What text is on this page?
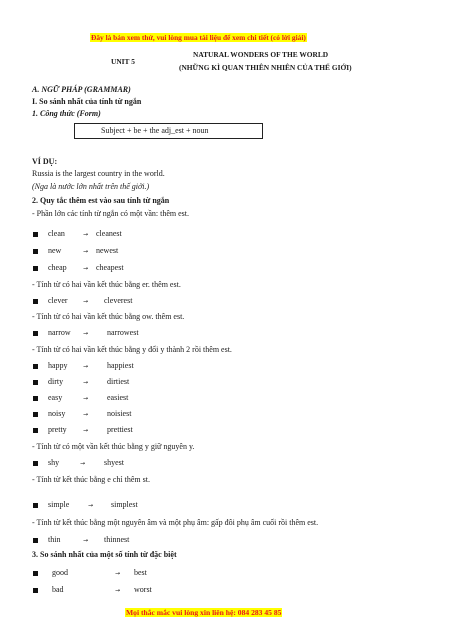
Đây là bản xem thử, vui lòng mua tài liệu để xem chi tiết (có lời giải)
UNIT 5
NATURAL WONDERS OF THE WORLD
(NHỮNG KÌ QUAN THIÊN NHIÊN CỦA THẾ GIỚI)
A. NGỮ PHÁP (GRAMMAR)
I. So sánh nhất của tính từ ngắn
1. Công thức (Form)
Subject + be + the adj_est + noun
VÍ DỤ:
Russia is the largest country in the world.
(Nga là nước lớn nhất trên thế giới.)
2. Quy tắc thêm est vào sau tính từ ngắn
- Phần lớn các tính từ ngắn có một vần: thêm est.
clean	→ cleanest
new	→ newest
cheap	→ cheapest
- Tính từ có hai vần kết thúc bằng er. thêm est.
clever	→ cleverest
- Tính từ có hai vần kết thúc bằng ow. thêm est.
narrow → narrowest
- Tính từ có hai vần kết thúc bằng y đổi y thành 2 rồi thêm est.
happy	→ happiest
dirty	→ dirtiest
easy	→ easiest
noisy	→ noisiest
pretty	→ prettiest
- Tính từ có một vần kết thúc bằng y giữ nguyên y.
shy	→ shyest
- Tính từ kết thúc bằng e chỉ thêm st.
simple	→ simplest
- Tính từ kết thúc bằng một nguyên âm và một phụ âm: gấp đôi phụ âm cuối rồi thêm est.
thin	→ thinnest
3. So sánh nhất của một số tính từ đặc biệt
good	→ best
bad	→ worst
Mọi thắc mắc vui lòng xin liên hệ: 084 283 45 85
